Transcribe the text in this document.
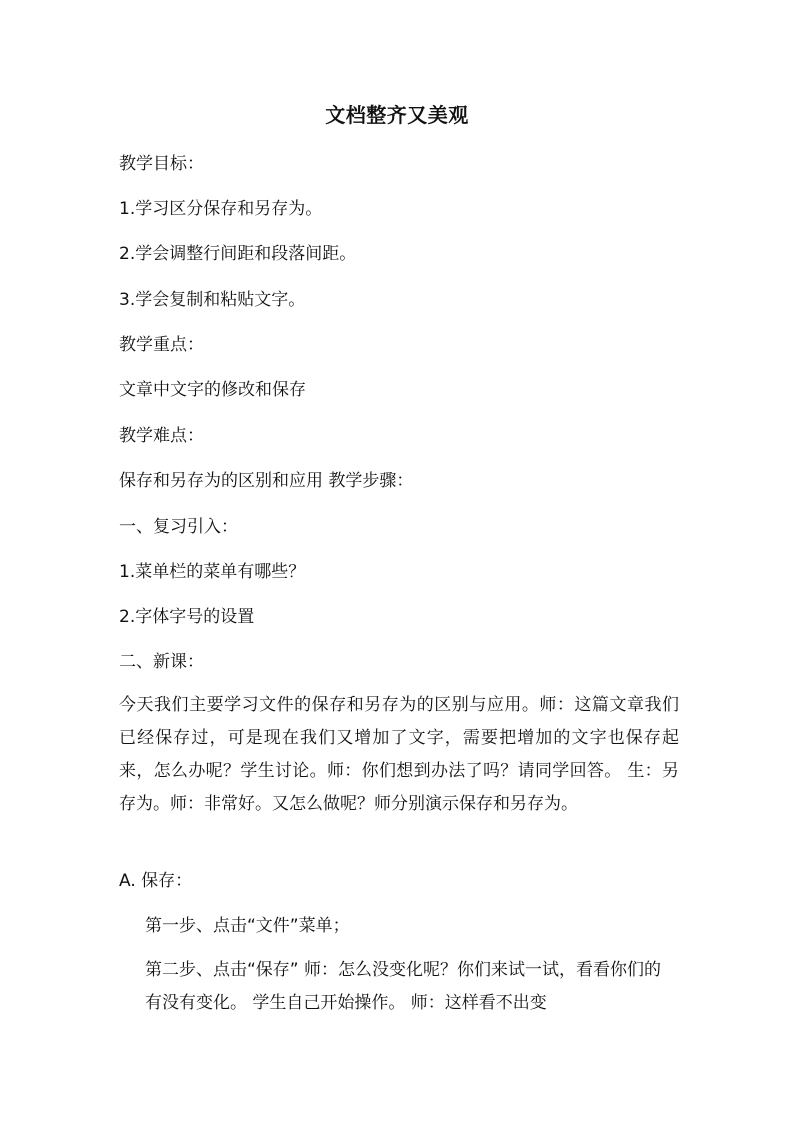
文档整齐又美观
教学目标：
1.学习区分保存和另存为。
2.学会调整行间距和段落间距。
3.学会复制和粘贴文字。
教学重点：
文章中文字的修改和保存
教学难点：
保存和另存为的区别和应用 教学步骤：
一、复习引入：
1.菜单栏的菜单有哪些？
2.字体字号的设置
二、新课：
今天我们主要学习文件的保存和另存为的区别与应用。师：这篇文章我们已经保存过，可是现在我们又增加了文字，需要把增加的文字也保存起来，怎么办呢？学生讨论。师：你们想到办法了吗？请同学回答。 生：另存为。师：非常好。又怎么做呢？师分别演示保存和另存为。
A. 保存：
第一步、点击“文件”菜单；
第二步、点击“保存” 师：怎么没变化呢？你们来试一试，看看你们的有没有变化。 学生自己开始操作。 师：这样看不出变
